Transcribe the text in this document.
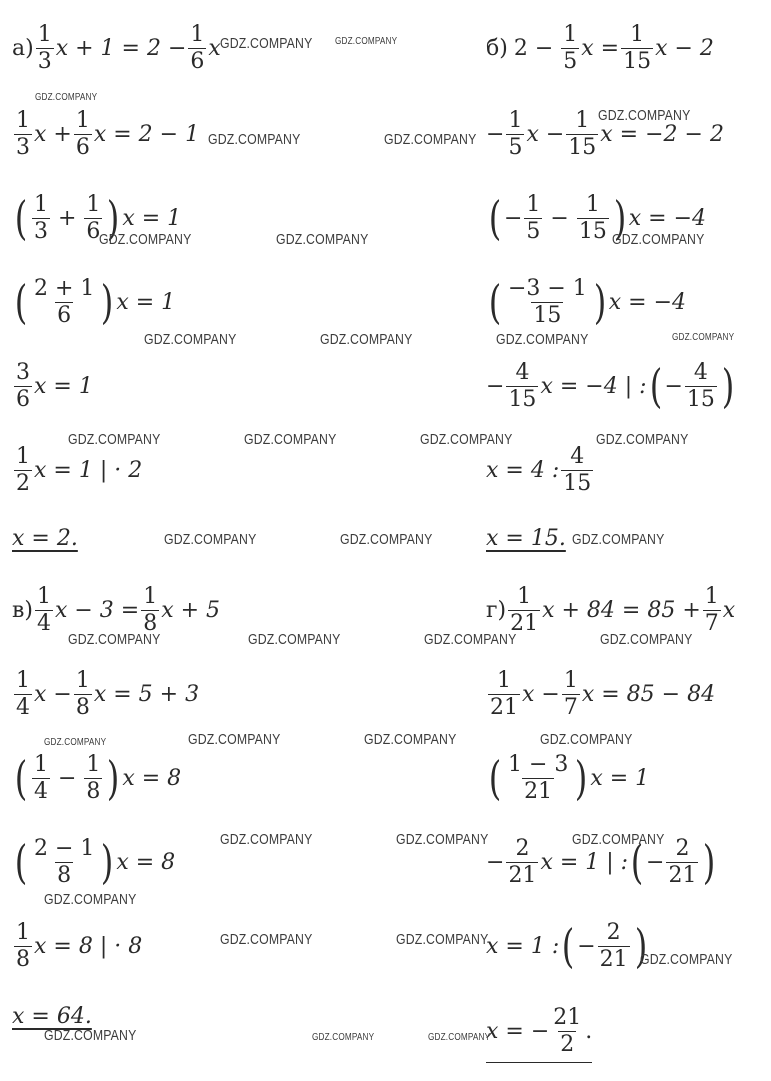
$а) \frac{1}{3}$ $x + 1 = 2 - \frac{1}{6}$ x
$\frac{1}{3}$ $x + \frac{1}{6}$ x = 2 − 1
( $\frac{1}{3} + \frac{1}{6}$ ) x = 1
( $\frac{2 + 1}{6}$ ) x = 1
$\frac{3}{6}$ x = 1
$\frac{1}{2}$ x = 1 | · 2
x = 2.
$в) \frac{1}{4}$ $x - 3 = \frac{1}{8}$ x + 5
$\frac{1}{4}$ $x - \frac{1}{8}$ x = 5 + 3
( $\frac{1}{4} - \frac{1}{8}$ ) x = 8
( $\frac{2 - 1}{8}$ ) x = 8
$\frac{1}{8}$ x = 8 | · 8
x = 64.
б) $2 - \frac{1}{5}$ $x = \frac{1}{15}$ x − 2
− $\frac{1}{5}$ $x - \frac{1}{15}$ x = −2 − 2
( − $\frac{1}{5} - \frac{1}{15}$ ) x = −4
( $\frac{-3 - 1}{15}$ ) x = −4
− $\frac{4}{15}$ x = −4 | : ( − $\frac{4}{15}$ )
x = 4 : $\frac{4}{15}$
x = 15.
$г) \frac{1}{21}$ $x + 84 = 85 + \frac{1}{7}$ x
$\frac{1}{21}$ $x - \frac{1}{7}$ x = 85 − 84
( $\frac{1 - 3}{21}$ ) x = 1
− $\frac{2}{21}$ x = 1 | : ( − $\frac{2}{21}$ )
x = 1 : ( − $\frac{2}{21}$ )
x = − $\frac{21}{2}$ .
GDZ.COMPANY GDZ.COMPANY
GDZ.COMPANY
GDZ.COMPANY	GDZ.COMPANY
GDZ.COMPANY
GDZ.COMPANY	GDZ.COMPANY	GDZ.COMPANY
GDZ.COMPANY	GDZ.COMPANY	GDZ.COMPANY	GDZ.COMPANY
GDZ.COMPANY	GDZ.COMPANY	GDZ.COMPANY	GDZ.COMPANY
GDZ.COMPANY	GDZ.COMPANY	GDZ.COMPANY
GDZ.COMPANY	GDZ.COMPANY	GDZ.COMPANY	GDZ.COMPANY
GDZ.COMPANY	GDZ.COMPANY	GDZ.COMPANY	GDZ.COMPANY
GDZ.COMPANY	GDZ.COMPANY	GDZ.COMPANY
GDZ.COMPANY
GDZ.COMPANY	GDZ.COMPANY
GDZ.COMPANY
GDZ.COMPANY	GDZ.COMPANY	GDZ.COMPANY
